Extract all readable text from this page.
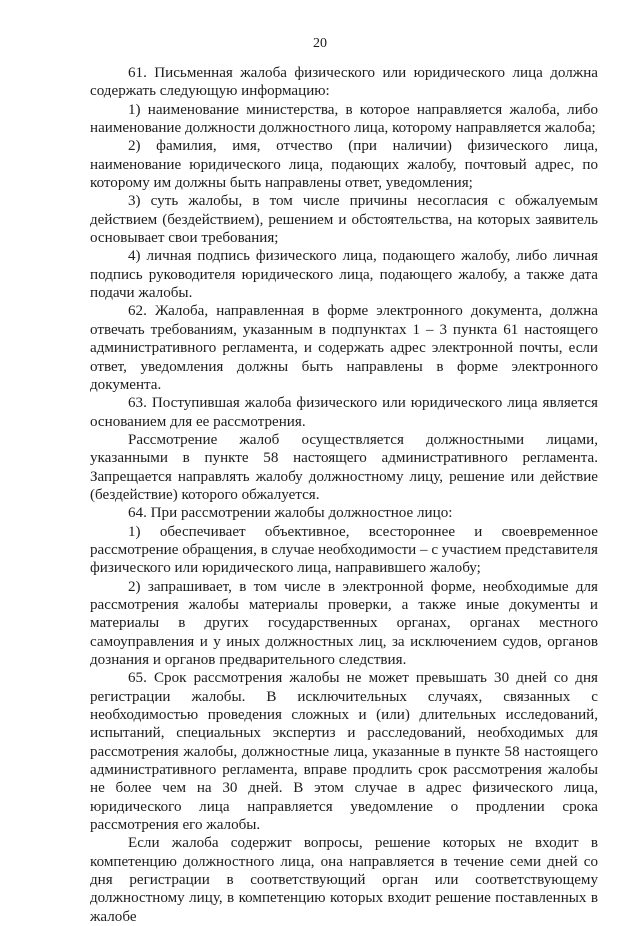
20

61. Письменная жалоба физического или юридического лица должна содержать следующую информацию:

1) наименование министерства, в которое направляется жалоба, либо наименование должности должностного лица, которому направляется жалоба;

2) фамилия, имя, отчество (при наличии) физического лица, наименование юридического лица, подающих жалобу, почтовый адрес, по которому им должны быть направлены ответ, уведомления;

3) суть жалобы, в том числе причины несогласия с обжалуемым действием (бездействием), решением и обстоятельства, на которых заявитель основывает свои требования;

4) личная подпись физического лица, подающего жалобу, либо личная подпись руководителя юридического лица, подающего жалобу, а также дата подачи жалобы.

62. Жалоба, направленная в форме электронного документа, должна отвечать требованиям, указанным в подпунктах 1 – 3 пункта 61 настоящего административного регламента, и содержать адрес электронной почты, если ответ, уведомления должны быть направлены в форме электронного документа.

63. Поступившая жалоба физического или юридического лица является основанием для ее рассмотрения.

Рассмотрение жалоб осуществляется должностными лицами, указанными в пункте 58 настоящего административного регламента. Запрещается направлять жалобу должностному лицу, решение или действие (бездействие) которого обжалуется.

64. При рассмотрении жалобы должностное лицо:

1) обеспечивает объективное, всестороннее и своевременное рассмотрение обращения, в случае необходимости – с участием представителя физического или юридического лица, направившего жалобу;

2) запрашивает, в том числе в электронной форме, необходимые для рассмотрения жалобы материалы проверки, а также иные документы и материалы в других государственных органах, органах местного самоуправления и у иных должностных лиц, за исключением судов, органов дознания и органов предварительного следствия.

65. Срок рассмотрения жалобы не может превышать 30 дней со дня регистрации жалобы. В исключительных случаях, связанных с необходимостью проведения сложных и (или) длительных исследований, испытаний, специальных экспертиз и расследований, необходимых для рассмотрения жалобы, должностные лица, указанные в пункте 58 настоящего административного регламента, вправе продлить срок рассмотрения жалобы не более чем на 30 дней. В этом случае в адрес физического лица, юридического лица направляется уведомление о продлении срока рассмотрения его жалобы.

Если жалоба содержит вопросы, решение которых не входит в компетенцию должностного лица, она направляется в течение семи дней со дня регистрации в соответствующий орган или соответствующему должностному лицу, в компетенцию которых входит решение поставленных в жалобе
